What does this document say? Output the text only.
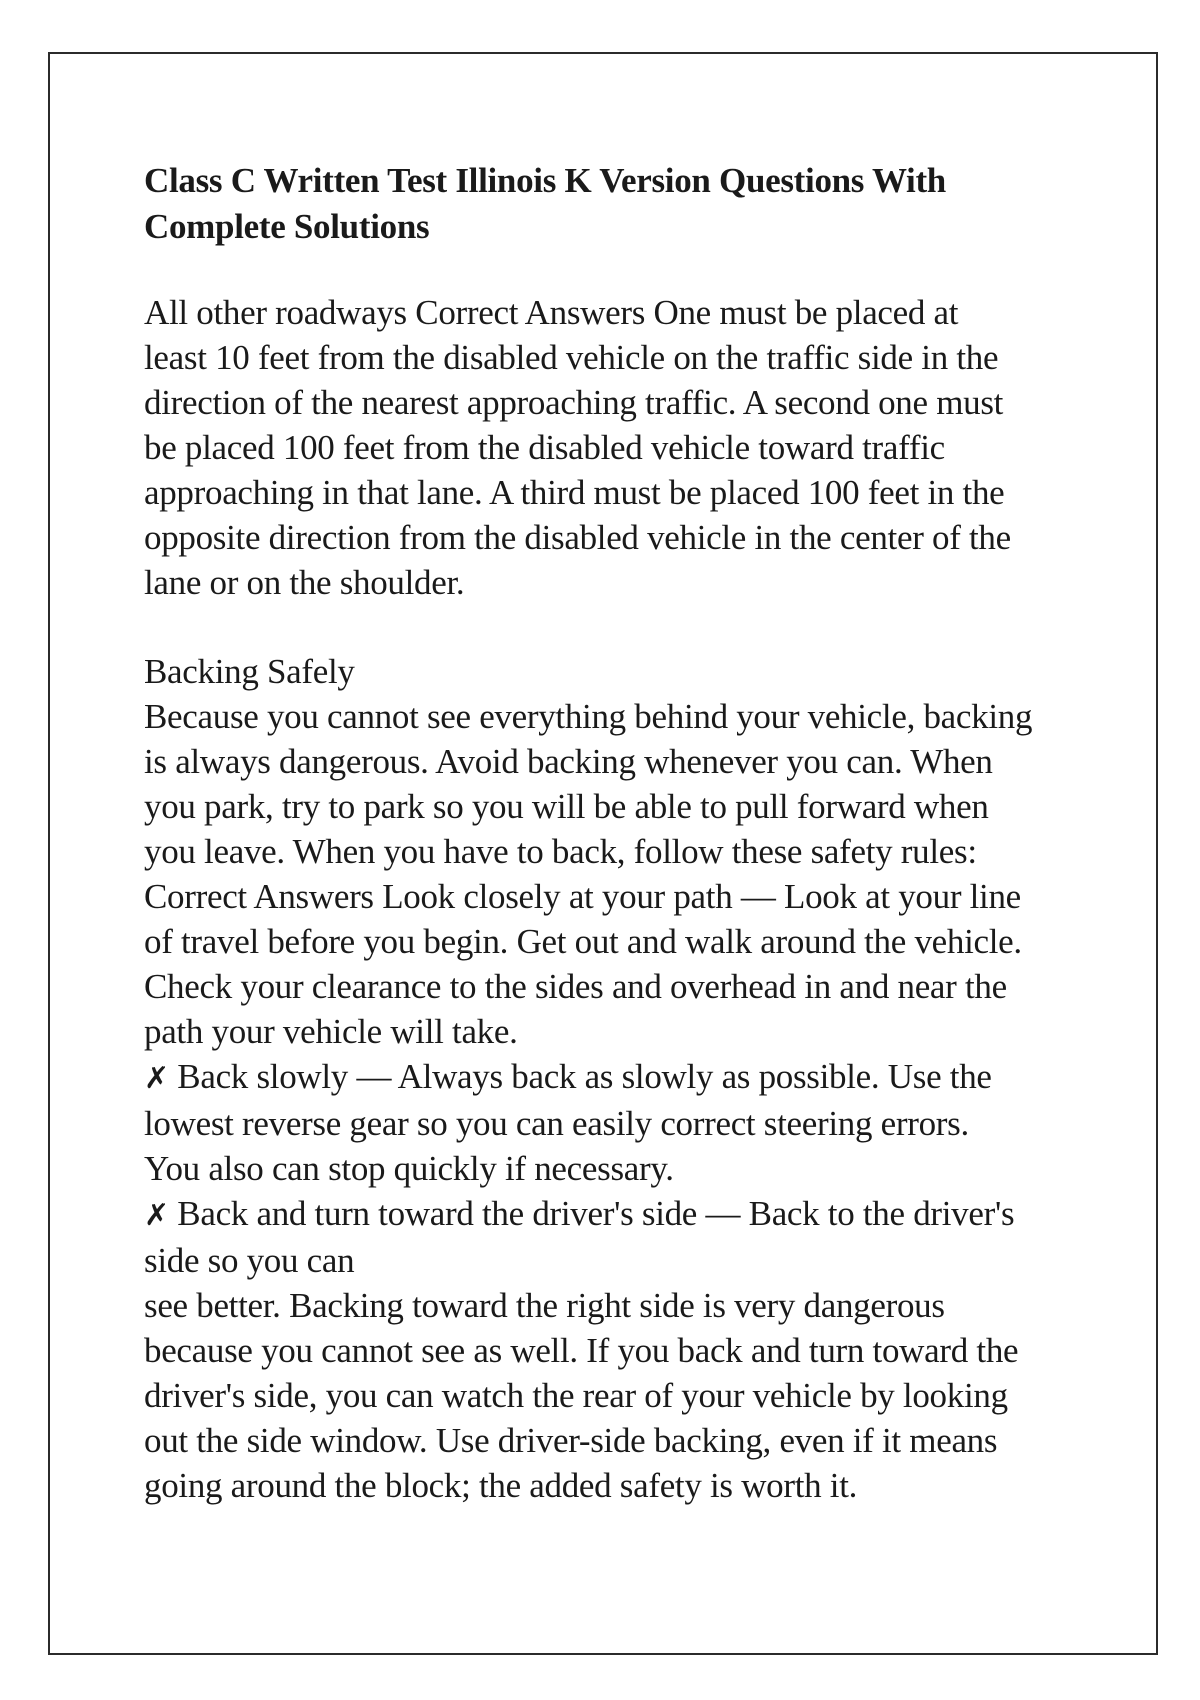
Class C Written Test Illinois K Version Questions With
Complete Solutions
All other roadways Correct Answers One must be placed at
least 10 feet from the disabled vehicle on the traffic side in the
direction of the nearest approaching traffic. A second one must
be placed 100 feet from the disabled vehicle toward traffic
approaching in that lane. A third must be placed 100 feet in the
opposite direction from the disabled vehicle in the center of the
lane or on the shoulder.
Backing Safely
Because you cannot see everything behind your vehicle, backing
is always dangerous. Avoid backing whenever you can. When
you park, try to park so you will be able to pull forward when
you leave. When you have to back, follow these safety rules:
Correct Answers Look closely at your path — Look at your line
of travel before you begin. Get out and walk around the vehicle.
Check your clearance to the sides and overhead in and near the
path your vehicle will take.
✗ Back slowly — Always back as slowly as possible. Use the
lowest reverse gear so you can easily correct steering errors.
You also can stop quickly if necessary.
✗ Back and turn toward the driver's side — Back to the driver's
side so you can
see better. Backing toward the right side is very dangerous
because you cannot see as well. If you back and turn toward the
driver's side, you can watch the rear of your vehicle by looking
out the side window. Use driver-side backing, even if it means
going around the block; the added safety is worth it.
